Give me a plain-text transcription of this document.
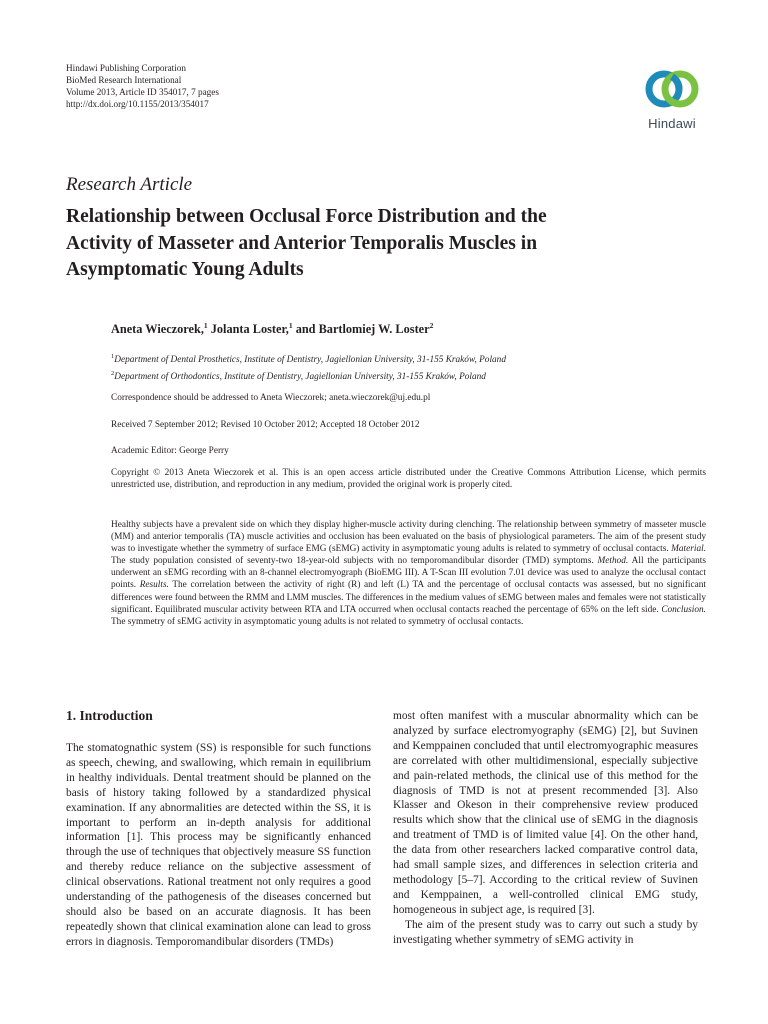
Hindawi Publishing Corporation
BioMed Research International
Volume 2013, Article ID 354017, 7 pages
http://dx.doi.org/10.1155/2013/354017
Hindawi
Research Article
Relationship between Occlusal Force Distribution and the
Activity of Masseter and Anterior Temporalis Muscles in
Asymptomatic Young Adults
Aneta Wieczorek,$^1$ Jolanta Loster,$^1$ and Bartlomiej W. Loster$^2$
$^1$Department of Dental Prosthetics, Institute of Dentistry, Jagiellonian University, 31-155 Kraków, Poland
$^2$Department of Orthodontics, Institute of Dentistry, Jagiellonian University, 31-155 Kraków, Poland
Correspondence should be addressed to Aneta Wieczorek; aneta.wieczorek@uj.edu.pl
Received 7 September 2012; Revised 10 October 2012; Accepted 18 October 2012
Academic Editor: George Perry
Copyright © 2013 Aneta Wieczorek et al. This is an open access article distributed under the Creative Commons Attribution License, which permits unrestricted use, distribution, and reproduction in any medium, provided the original work is properly cited.
Healthy subjects have a prevalent side on which they display higher-muscle activity during clenching. The relationship between symmetry of masseter muscle (MM) and anterior temporalis (TA) muscle activities and occlusion has been evaluated on the basis of physiological parameters. The aim of the present study was to investigate whether the symmetry of surface EMG (sEMG) activity in asymptomatic young adults is related to symmetry of occlusal contacts. Material. The study population consisted of seventy-two 18-year-old subjects with no temporomandibular disorder (TMD) symptoms. Method. All the participants underwent an sEMG recording with an 8-channel electromyograph (BioEMG III). A T-Scan III evolution 7.01 device was used to analyze the occlusal contact points. Results. The correlation between the activity of right (R) and left (L) TA and the percentage of occlusal contacts was assessed, but no significant differences were found between the RMM and LMM muscles. The differences in the medium values of sEMG between males and females were not statistically significant. Equilibrated muscular activity between RTA and LTA occurred when occlusal contacts reached the percentage of 65% on the left side. Conclusion. The symmetry of sEMG activity in asymptomatic young adults is not related to symmetry of occlusal contacts.
1. Introduction
The stomatognathic system (SS) is responsible for such functions as speech, chewing, and swallowing, which remain in equilibrium in healthy individuals. Dental treatment should be planned on the basis of history taking followed by a standardized physical examination. If any abnormalities are detected within the SS, it is important to perform an in-depth analysis for additional information [1]. This process may be significantly enhanced through the use of techniques that objectively measure SS function and thereby reduce reliance on the subjective assessment of clinical observations. Rational treatment not only requires a good understanding of the pathogenesis of the diseases concerned but should also be based on an accurate diagnosis. It has been repeatedly shown that clinical examination alone can lead to gross errors in diagnosis. Temporomandibular disorders (TMDs)
most often manifest with a muscular abnormality which can be analyzed by surface electromyography (sEMG) [2], but Suvinen and Kemppainen concluded that until electromyographic measures are correlated with other multidimensional, especially subjective and pain-related methods, the clinical use of this method for the diagnosis of TMD is not at present recommended [3]. Also Klasser and Okeson in their comprehensive review produced results which show that the clinical use of sEMG in the diagnosis and treatment of TMD is of limited value [4]. On the other hand, the data from other researchers lacked comparative control data, had small sample sizes, and differences in selection criteria and methodology [5–7]. According to the critical review of Suvinen and Kemppainen, a well-controlled clinical EMG study, homogeneous in subject age, is required [3].
The aim of the present study was to carry out such a study by investigating whether symmetry of sEMG activity in
